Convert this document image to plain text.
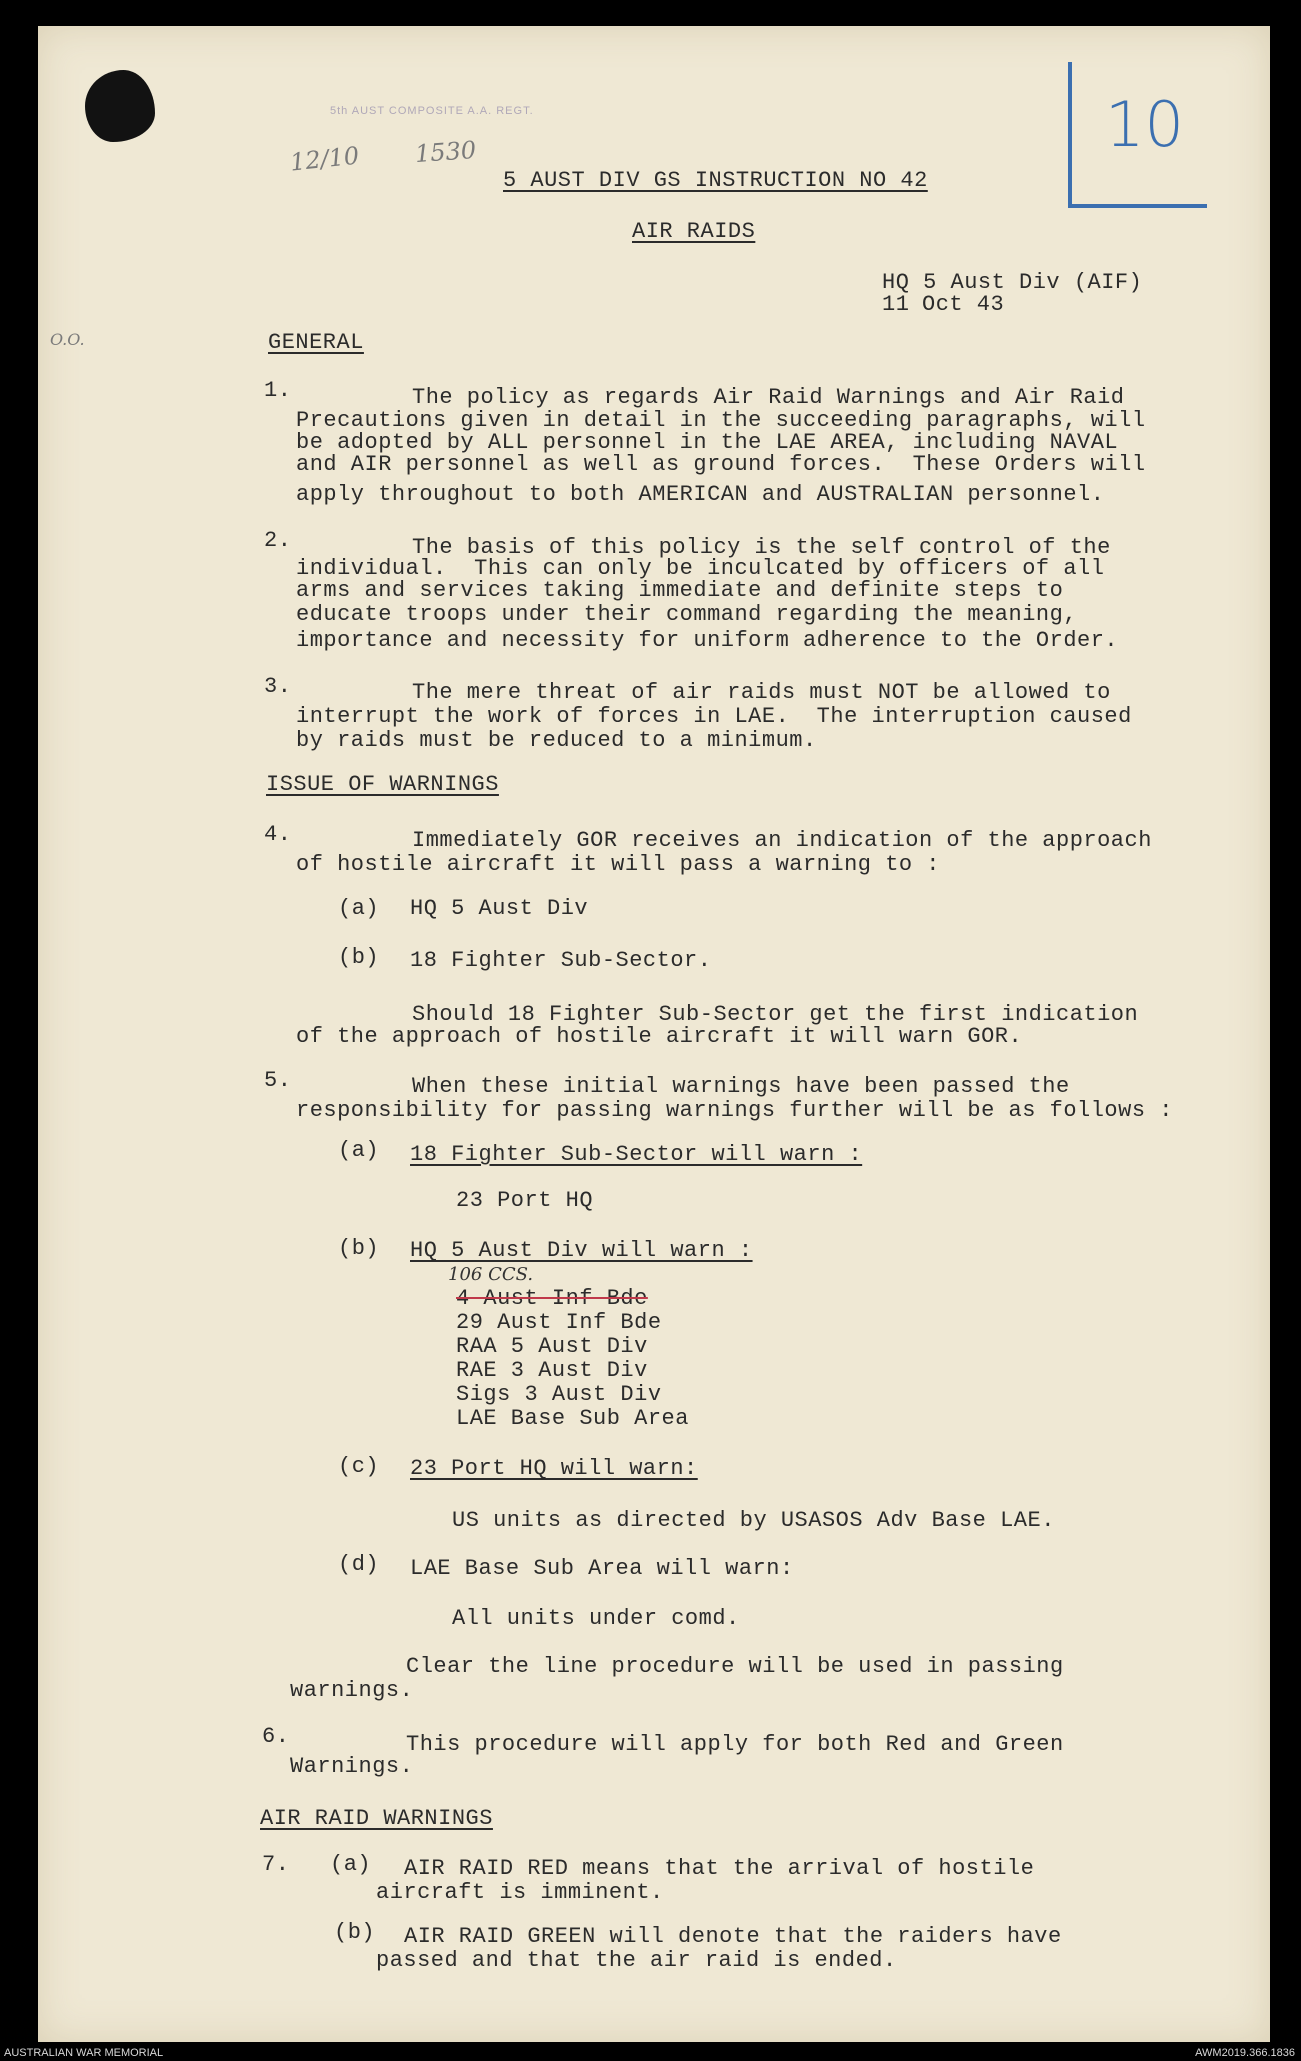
10
5th AUST COMPOSITE A.A. REGT.
12/10 1530
O.O.
5 AUST DIV GS INSTRUCTION NO 42
AIR RAIDS
HQ 5 Aust Div (AIF)
11 Oct 43
GENERAL
1.	The policy as regards Air Raid Warnings and Air Raid
Precautions given in detail in the succeeding paragraphs, will
be adopted by ALL personnel in the LAE AREA, including NAVAL
and AIR personnel as well as ground forces.  These Orders will
apply throughout to both AMERICAN and AUSTRALIAN personnel.
2.	The basis of this policy is the self control of the
individual.  This can only be inculcated by officers of all
arms and services taking immediate and definite steps to
educate troops under their command regarding the meaning,
importance and necessity for uniform adherence to the Order.
3.	The mere threat of air raids must NOT be allowed to
interrupt the work of forces in LAE.  The interruption caused
by raids must be reduced to a minimum.
ISSUE OF WARNINGS
4.	Immediately GOR receives an indication of the approach
of hostile aircraft it will pass a warning to :
(a) HQ 5 Aust Div
(b) 18 Fighter Sub-Sector.
Should 18 Fighter Sub-Sector get the first indication
of the approach of hostile aircraft it will warn GOR.
5.	When these initial warnings have been passed the
responsibility for passing warnings further will be as follows :
(a) 18 Fighter Sub-Sector will warn :
23 Port HQ
(b) HQ 5 Aust Div will warn :
106 CCS.
4 Aust Inf Bde
29 Aust Inf Bde
RAA 5 Aust Div
RAE 3 Aust Div
Sigs 3 Aust Div
LAE Base Sub Area
(c) 23 Port HQ will warn:
US units as directed by USASOS Adv Base LAE.
(d) LAE Base Sub Area will warn:
All units under comd.
Clear the line procedure will be used in passing
warnings.
6.	This procedure will apply for both Red and Green
Warnings.
AIR RAID WARNINGS
7. (a) AIR RAID RED means that the arrival of hostile
aircraft is imminent.
(b) AIR RAID GREEN will denote that the raiders have
passed and that the air raid is ended.
AUSTRALIAN WAR MEMORIAL	AWM2019.366.1836
